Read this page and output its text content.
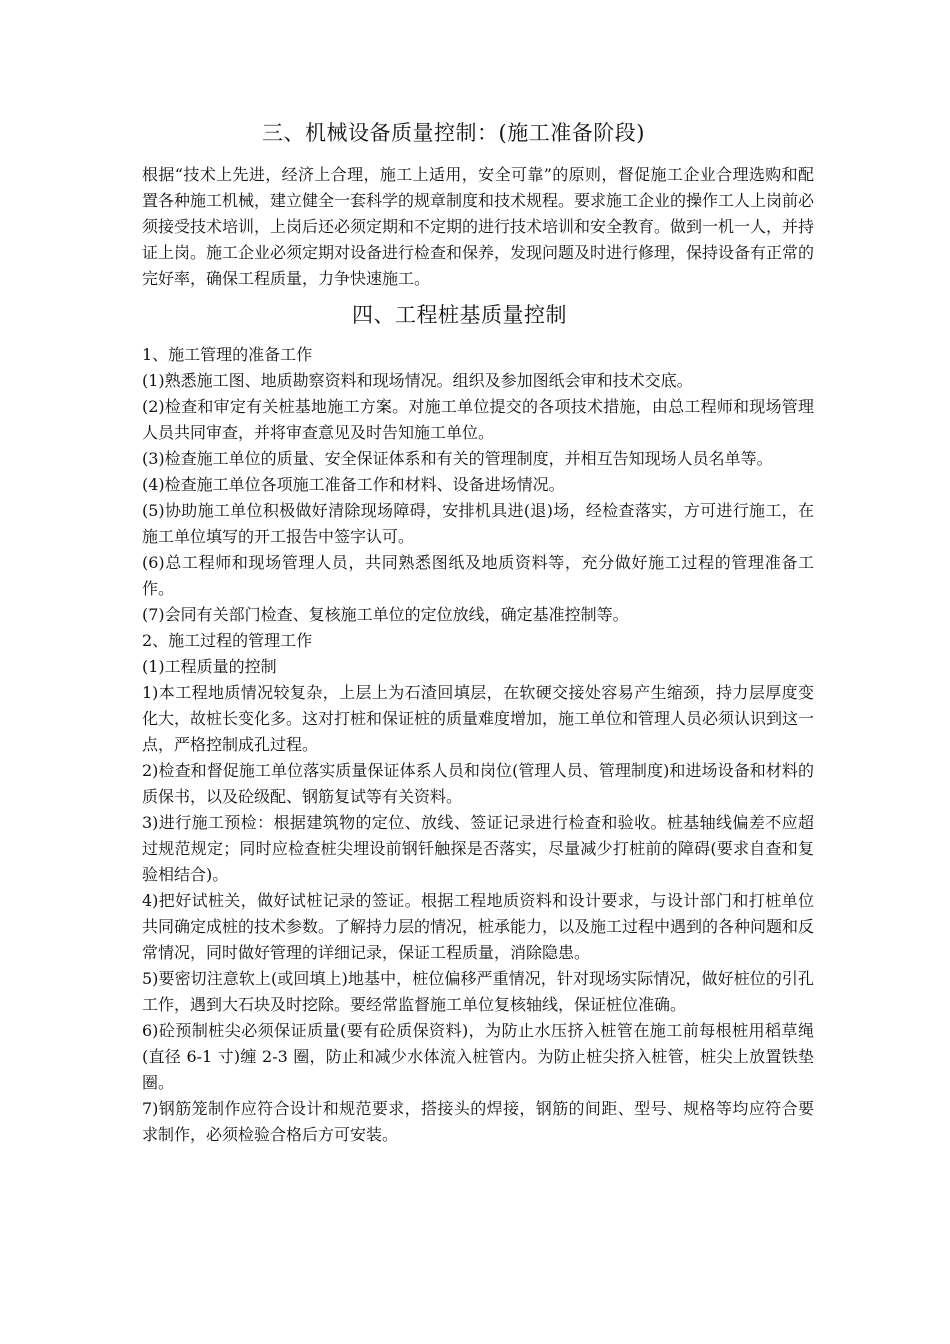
三、机械设备质量控制：(施工准备阶段)

根据“技术上先进，经济上合理，施工上适用，安全可靠”的原则，督促施工企业合理选购和配置各种施工机械，建立健全一套科学的规章制度和技术规程。要求施工企业的操作工人上岗前必须接受技术培训，上岗后还必须定期和不定期的进行技术培训和安全教育。做到一机一人，并持证上岗。施工企业必须定期对设备进行检查和保养，发现问题及时进行修理，保持设备有正常的完好率，确保工程质量，力争快速施工。

四、工程桩基质量控制

1、施工管理的准备工作

(1)熟悉施工图、地质勘察资料和现场情况。组织及参加图纸会审和技术交底。

(2)检查和审定有关桩基地施工方案。对施工单位提交的各项技术措施，由总工程师和现场管理人员共同审查，并将审查意见及时告知施工单位。

(3)检查施工单位的质量、安全保证体系和有关的管理制度，并相互告知现场人员名单等。

(4)检查施工单位各项施工准备工作和材料、设备进场情况。

(5)协助施工单位积极做好清除现场障碍，安排机具进(退)场，经检查落实，方可进行施工，在施工单位填写的开工报告中签字认可。

(6)总工程师和现场管理人员，共同熟悉图纸及地质资料等，充分做好施工过程的管理准备工作。

(7)会同有关部门检查、复核施工单位的定位放线，确定基准控制等。

2、施工过程的管理工作

(1)工程质量的控制

1)本工程地质情况较复杂，上层上为石渣回填层，在软硬交接处容易产生缩颈，持力层厚度变化大，故桩长变化多。这对打桩和保证桩的质量难度增加，施工单位和管理人员必须认识到这一点，严格控制成孔过程。

2)检查和督促施工单位落实质量保证体系人员和岗位(管理人员、管理制度)和进场设备和材料的质保书，以及砼级配、钢筋复试等有关资料。

3)进行施工预检：根据建筑物的定位、放线、签证记录进行检查和验收。桩基轴线偏差不应超过规范规定；同时应检查桩尖埋设前钢钎触探是否落实，尽量减少打桩前的障碍(要求自查和复验相结合)。

4)把好试桩关，做好试桩记录的签证。根据工程地质资料和设计要求，与设计部门和打桩单位共同确定成桩的技术参数。了解持力层的情况，桩承能力，以及施工过程中遇到的各种问题和反常情况，同时做好管理的详细记录，保证工程质量，消除隐患。

5)要密切注意软上(或回填上)地基中，桩位偏移严重情况，针对现场实际情况，做好桩位的引孔工作，遇到大石块及时挖除。要经常监督施工单位复核轴线，保证桩位准确。

6)砼预制桩尖必须保证质量(要有砼质保资料)，为防止水压挤入桩管在施工前每根桩用稻草绳(直径 6-1 寸)缠 2-3 圈，防止和减少水体流入桩管内。为防止桩尖挤入桩管，桩尖上放置铁垫圈。

7)钢筋笼制作应符合设计和规范要求，搭接头的焊接，钢筋的间距、型号、规格等均应符合要求制作，必须检验合格后方可安装。
